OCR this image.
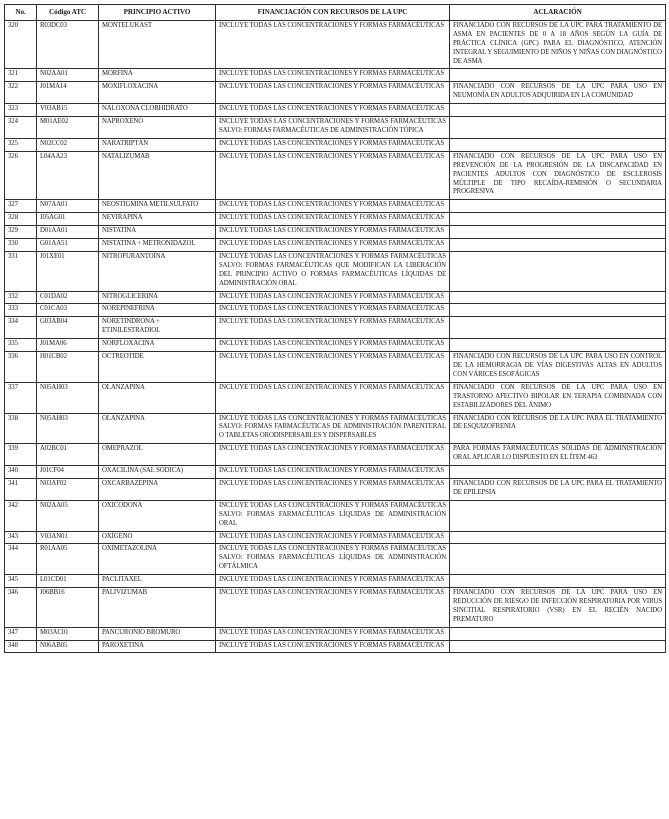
No.	Código ATC	PRINCIPIO ACTIVO	FINANCIACIÓN CON RECURSOS DE LA UPC	ACLARACIÓN
320	R03DC03	MONTELUKAST	INCLUYE TODAS LAS CONCENTRACIONES Y FORMAS FARMACÉUTICAS	FINANCIADO CON RECURSOS DE LA UPC PARA TRATAMIENTO DE ASMA EN PACIENTES DE 0 A 18 AÑOS SEGÚN LA GUÍA DE PRÁCTICA CLÍNICA (GPC) PARA EL DIAGNÓSTICO, ATENCIÓN INTEGRAL Y SEGUIMIENTO DE NIÑOS Y NIÑAS CON DIAGNÓSTICO DE ASMA
321	N02AA01	MORFINA	INCLUYE TODAS LAS CONCENTRACIONES Y FORMAS FARMACÉUTICAS	
322	J01MA14	MOXIFLOXACINA	INCLUYE TODAS LAS CONCENTRACIONES Y FORMAS FARMACÉUTICAS	FINANCIADO CON RECURSOS DE LA UPC PARA USO EN NEUMONÍA EN ADULTOS ADQUIRIDA EN LA COMUNIDAD
323	V03AB15	NALOXONA CLORHIDRATO	INCLUYE TODAS LAS CONCENTRACIONES Y FORMAS FARMACÉUTICAS	
324	M01AE02	NAPROXENO	INCLUYE TODAS LAS CONCENTRACIONES Y FORMAS FARMACÉUTICAS SALVO: FORMAS FARMACÉUTICAS DE ADMINISTRACIÓN TÓPICA	
325	N02CC02	NARATRIPTÁN	INCLUYE TODAS LAS CONCENTRACIONES Y FORMAS FARMACÉUTICAS	
326	L04AA23	NATALIZUMAB	INCLUYE TODAS LAS CONCENTRACIONES Y FORMAS FARMACÉUTICAS	FINANCIADO CON RECURSOS DE LA UPC PARA USO EN PREVENCIÓN DE LA PROGRESIÓN DE LA DISCAPACIDAD EN PACIENTES ADULTOS CON DIAGNÓSTICO DE ESCLEROSIS MÚLTIPLE DE TIPO RECAÍDA-REMISIÓN O SECUNDARIA PROGRESIVA
327	N07AA01	NEOSTIGMINA METILSULFATO	INCLUYE TODAS LAS CONCENTRACIONES Y FORMAS FARMACÉUTICAS	
328	J05AG01	NEVIRAPINA	INCLUYE TODAS LAS CONCENTRACIONES Y FORMAS FARMACÉUTICAS	
329	D01AA01	NISTATINA	INCLUYE TODAS LAS CONCENTRACIONES Y FORMAS FARMACÉUTICAS	
330	G01AA51	NISTATINA + METRONIDAZOL	INCLUYE TODAS LAS CONCENTRACIONES Y FORMAS FARMACÉUTICAS	
331	J01XE01	NITROFURANTOÍNA	INCLUYE TODAS LAS CONCENTRACIONES Y FORMAS FARMACÉUTICAS SALVO: FORMAS FARMACÉUTICAS QUE MODIFICAN LA LIBERACIÓN DEL PRINCIPIO ACTIVO O FORMAS FARMACÉUTICAS LÍQUIDAS DE ADMINISTRACIÓN ORAL	
332	C01DA02	NITROGLICERINA	INCLUYE TODAS LAS CONCENTRACIONES Y FORMAS FARMACÉUTICAS	
333	C01CA03	NOREPINEFRINA	INCLUYE TODAS LAS CONCENTRACIONES Y FORMAS FARMACÉUTICAS	
334	G03AB04	NORETINDRONA + ETINILESTRADIOL	INCLUYE TODAS LAS CONCENTRACIONES Y FORMAS FARMACÉUTICAS	
335	J01MA06	NORFLOXACINA	INCLUYE TODAS LAS CONCENTRACIONES Y FORMAS FARMACÉUTICAS	
336	H01CB02	OCTREOTIDE	INCLUYE TODAS LAS CONCENTRACIONES Y FORMAS FARMACÉUTICAS	FINANCIADO CON RECURSOS DE LA UPC PARA USO EN CONTROL DE LA HEMORRAGIA DE VÍAS DIGESTIVAS ALTAS EN ADULTOS CON VÁRICES ESOFÁGICAS
337	N05AH03	OLANZAPINA	INCLUYE TODAS LAS CONCENTRACIONES Y FORMAS FARMACÉUTICAS	FINANCIADO CON RECURSOS DE LA UPC PARA USO EN TRASTORNO AFECTIVO BIPOLAR EN TERAPIA COMBINADA CON ESTABILIZADORES DEL ÁNIMO
338	N05AH03	OLANZAPINA	INCLUYE TODAS LAS CONCENTRACIONES Y FORMAS FARMACÉUTICAS SALVO: FORMAS FARMACÉUTICAS DE ADMINISTRACIÓN PARENTERAL O TABLETAS ORODISPERSABLES Y DISPERSABLES	FINANCIADO CON RECURSOS DE LA UPC PARA EL TRATAMIENTO DE ESQUIZOFRENIA
339	A02BC01	OMEPRAZOL	INCLUYE TODAS LAS CONCENTRACIONES Y FORMAS FARMACÉUTICAS	PARA FORMAS FARMACÉUTICAS SÓLIDAS DE ADMINISTRACIÓN ORAL APLICAR LO DISPUESTO EN EL ÍTEM 463
340	J01CF04	OXACILINA (SAL SÓDICA)	INCLUYE TODAS LAS CONCENTRACIONES Y FORMAS FARMACÉUTICAS	
341	N03AF02	OXCARBAZEPINA	INCLUYE TODAS LAS CONCENTRACIONES Y FORMAS FARMACÉUTICAS	FINANCIADO CON RECURSOS DE LA UPC PARA EL TRATAMIENTO DE EPILEPSIA
342	N02AA05	OXICODONA	INCLUYE TODAS LAS CONCENTRACIONES Y FORMAS FARMACÉUTICAS SALVO: FORMAS FARMACÉUTICAS LÍQUIDAS DE ADMINISTRACIÓN ORAL	
343	V03AN01	OXÍGENO	INCLUYE TODAS LAS CONCENTRACIONES Y FORMAS FARMACÉUTICAS	
344	R01AA05	OXIMETAZOLINA	INCLUYE TODAS LAS CONCENTRACIONES Y FORMAS FARMACÉUTICAS SALVO: FORMAS FARMACÉUTICAS LÍQUIDAS DE ADMINISTRACIÓN OFTÁLMICA	
345	L01CD01	PACLITAXEL	INCLUYE TODAS LAS CONCENTRACIONES Y FORMAS FARMACÉUTICAS	
346	J06BB16	PALIVIZUMAB	INCLUYE TODAS LAS CONCENTRACIONES Y FORMAS FARMACÉUTICAS	FINANCIADO CON RECURSOS DE LA UPC PARA USO EN REDUCCIÓN DE RIESGO DE INFECCIÓN RESPIRATORIA POR VIRUS SINCITIAL RESPIRATORIO (VSR) EN EL RECIÉN NACIDO PREMATURO
347	M03AC01	PANCURONIO BROMURO	INCLUYE TODAS LAS CONCENTRACIONES Y FORMAS FARMACÉUTICAS	
348	N06AB05	PAROXETINA	INCLUYE TODAS LAS CONCENTRACIONES Y FORMAS FARMACÉUTICAS	
